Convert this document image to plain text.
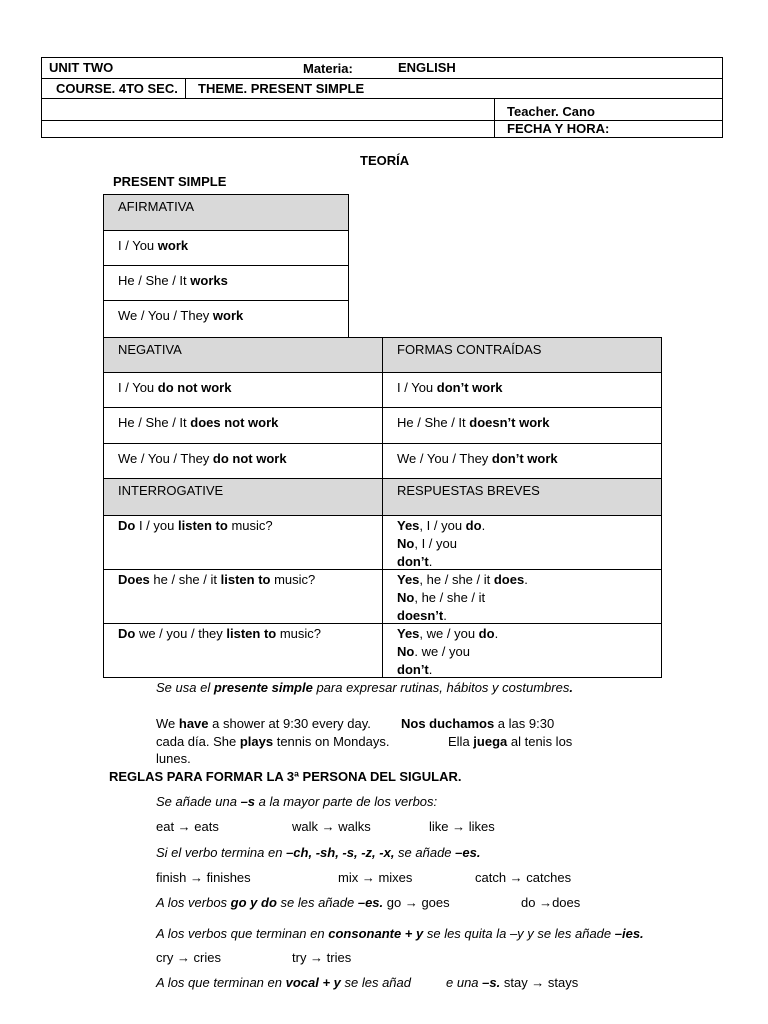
UNIT TWO	Materia:	ENGLISH
COURSE. 4TO SEC. THEME. PRESENT SIMPLE
Teacher. Cano
FECHA Y HORA:
TEORÍA
PRESENT SIMPLE
AFIRMATIVA
I / You work
He / She / It works
We / You / They work
NEGATIVA	FORMAS CONTRAÍDAS
I / You do not work	I / You don’t work
He / She / It does not work	He / She / It doesn’t work
We / You / They do not work	We / You / They don’t work
INTERROGATIVE	RESPUESTAS BREVES
Do I / you listen to music?	Yes, I / you do.
No, I / you
don’t.
Does he / she / it listen to music?	Yes, he / she / it does.
No, he / she / it
doesn’t.
Do we / you / they listen to music?	Yes, we / you do.
No. we / you
don’t.
Se usa el presente simple para expresar rutinas, hábitos y costumbres.
We have a shower at 9:30 every day. Nos duchamos a las 9:30
cada día. She plays tennis on Mondays.	Ella juega al tenis los
lunes.
REGLAS PARA FORMAR LA 3ª PERSONA DEL SIGULAR.
Se añade una –s a la mayor parte de los verbos:
eat → eats	walk → walks	like → likes
Si el verbo termina en –ch, -sh, -s, -z, -x, se añade –es.
finish → finishes	mix → mixes	catch → catches
A los verbos go y do se les añade –es. go → goes	do →does
A los verbos que terminan en consonante + y se les quita la –y y se les añade –ies.
cry → cries	try → tries
A los que terminan en vocal + y se les añad	e una –s. stay → stays
